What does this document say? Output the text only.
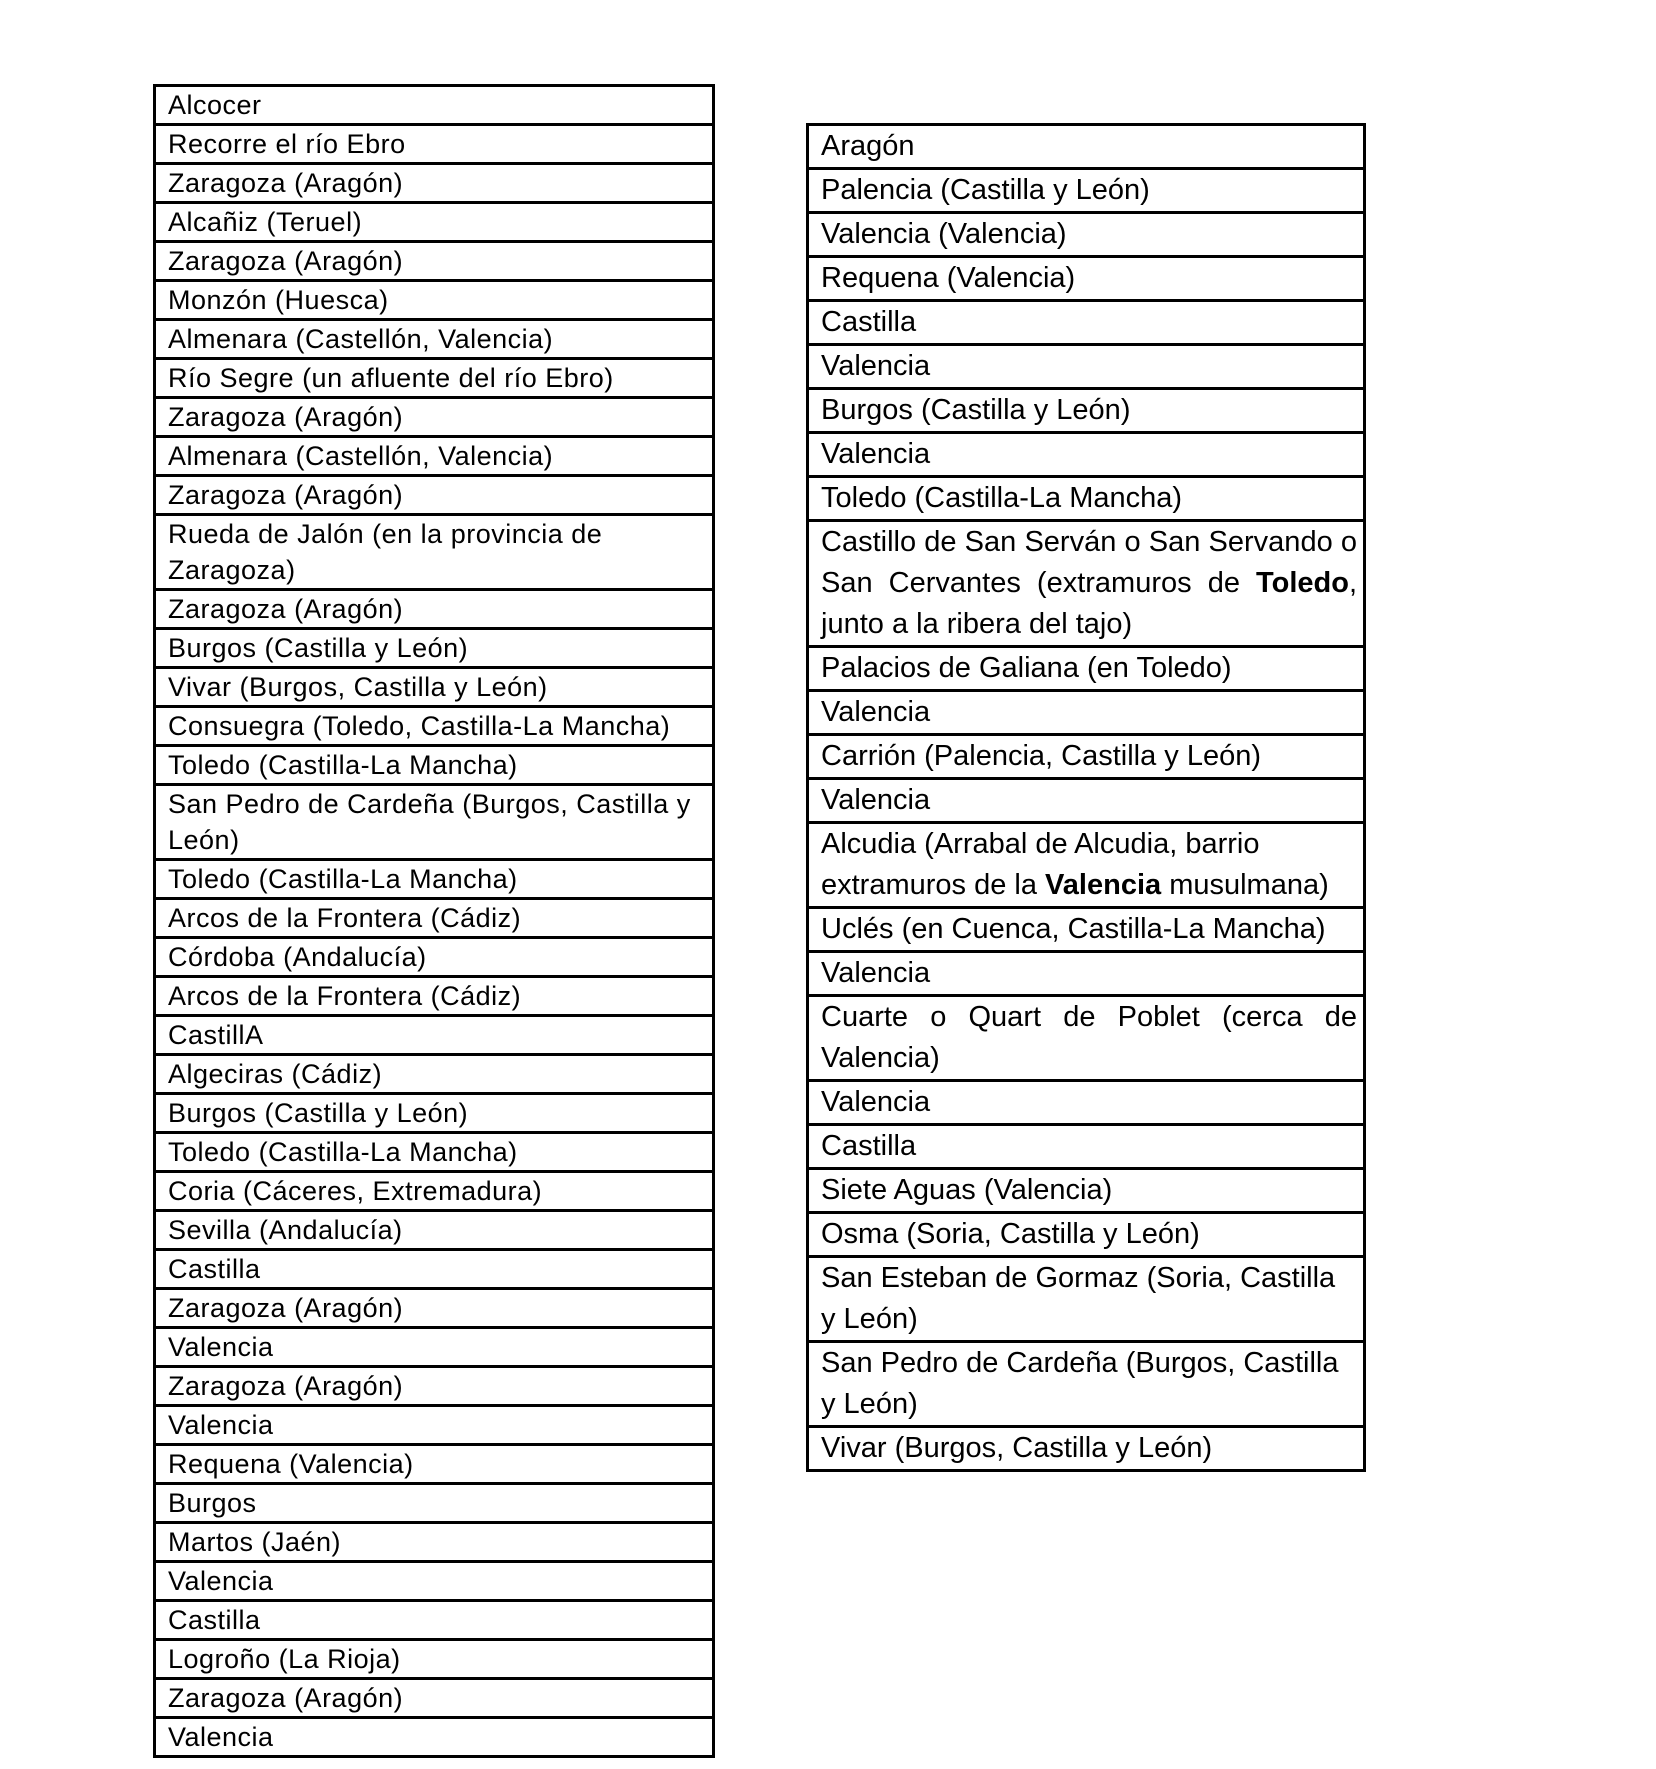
Alcocer
Recorre el río Ebro
Zaragoza (Aragón)
Alcañiz (Teruel)
Zaragoza (Aragón)
Monzón (Huesca)
Almenara (Castellón, Valencia)
Río Segre (un afluente del río Ebro)
Zaragoza (Aragón)
Almenara (Castellón, Valencia)
Zaragoza (Aragón)
Rueda de Jalón (en la provincia de Zaragoza)
Zaragoza (Aragón)
Burgos (Castilla y León)
Vivar (Burgos, Castilla y León)
Consuegra (Toledo, Castilla-La Mancha)
Toledo (Castilla-La Mancha)
San Pedro de Cardeña (Burgos, Castilla y León)
Toledo (Castilla-La Mancha)
Arcos de la Frontera (Cádiz)
Córdoba (Andalucía)
Arcos de la Frontera (Cádiz)
CastillA
Algeciras (Cádiz)
Burgos (Castilla y León)
Toledo (Castilla-La Mancha)
Coria (Cáceres, Extremadura)
Sevilla (Andalucía)
Castilla
Zaragoza (Aragón)
Valencia
Zaragoza (Aragón)
Valencia
Requena (Valencia)
Burgos
Martos (Jaén)
Valencia
Castilla
Logroño (La Rioja)
Zaragoza (Aragón)
Valencia
Aragón
Palencia (Castilla y León)
Valencia (Valencia)
Requena (Valencia)
Castilla
Valencia
Burgos (Castilla y León)
Valencia
Toledo (Castilla-La Mancha)
Castillo de San Serván o San Servando o San Cervantes (extramuros de Toledo, junto a la ribera del tajo)
Palacios de Galiana (en Toledo)
Valencia
Carrión (Palencia, Castilla y León)
Valencia
Alcudia (Arrabal de Alcudia, barrio extramuros de la Valencia musulmana)
Uclés (en Cuenca, Castilla-La Mancha)
Valencia
Cuarte o Quart de Poblet (cerca de Valencia)
Valencia
Castilla
Siete Aguas (Valencia)
Osma (Soria, Castilla y León)
San Esteban de Gormaz (Soria, Castilla y León)
San Pedro de Cardeña (Burgos, Castilla y León)
Vivar (Burgos, Castilla y León)
